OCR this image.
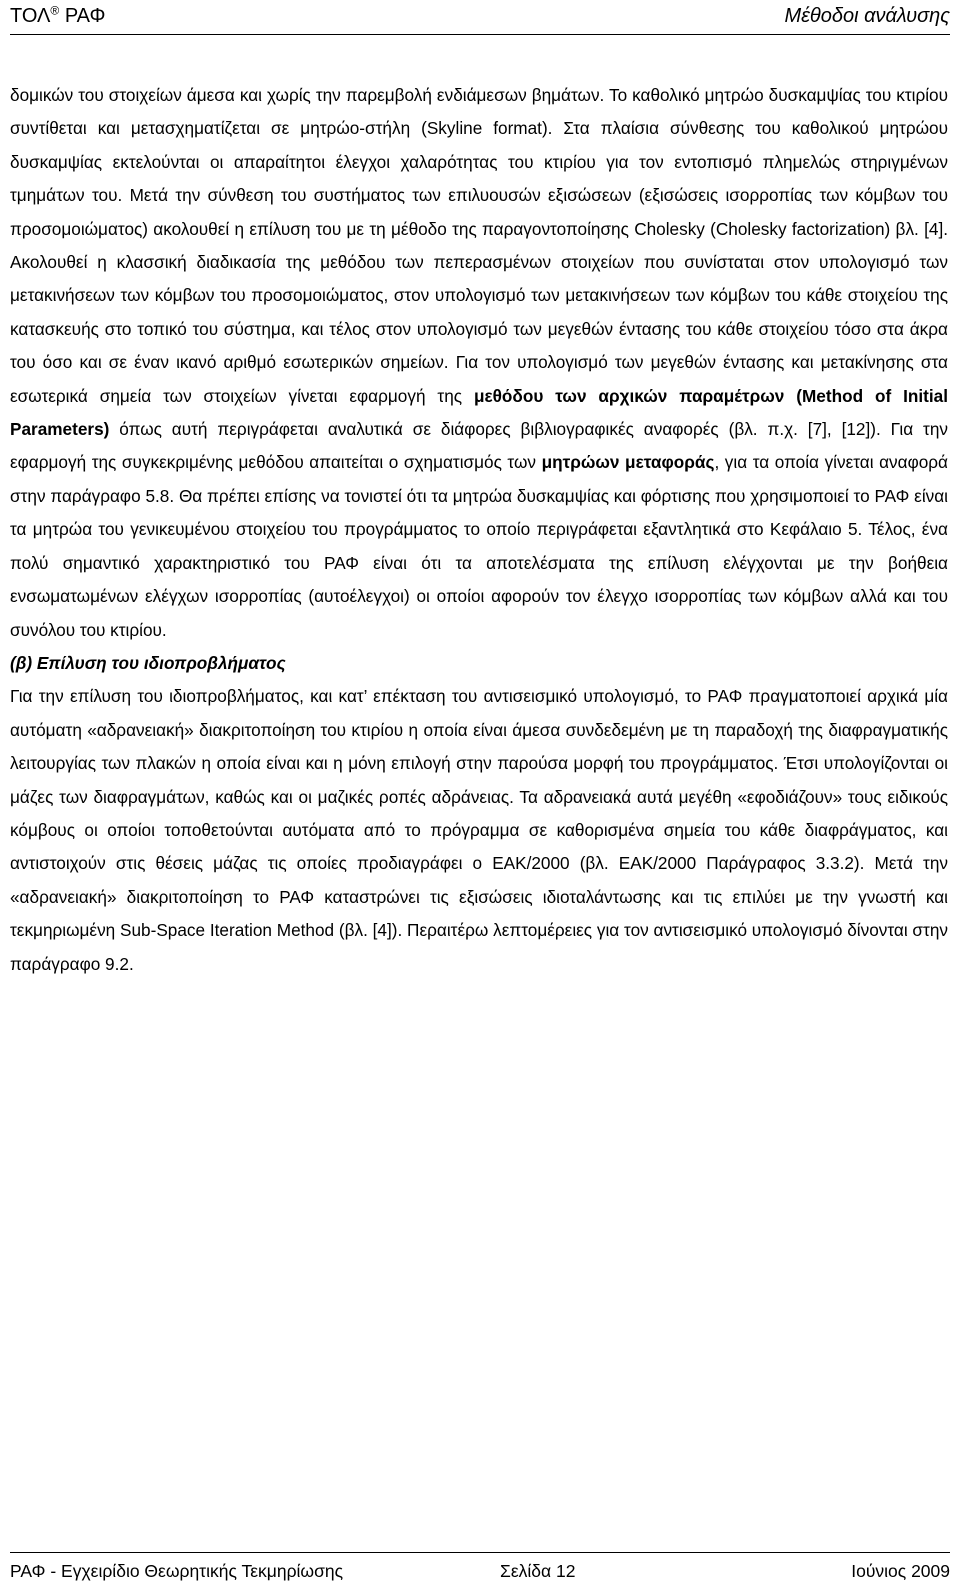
ΤΟΛ® ΡΑΦ	Μέθοδοι ανάλυσης

δομικών του στοιχείων άμεσα και χωρίς την παρεμβολή ενδιάμεσων βημάτων. Το καθολικό μητρώο δυσκαμψίας του κτιρίου συντίθεται και μετασχηματίζεται σε μητρώο-στήλη (Skyline format). Στα πλαίσια σύνθεσης του καθολικού μητρώου δυσκαμψίας εκτελούνται οι απαραίτητοι έλεγχοι χαλαρότητας του κτιρίου για τον εντοπισμό πλημελώς στηριγμένων τμημάτων του. Μετά την σύνθεση του συστήματος των επιλυουσών εξισώσεων (εξισώσεις ισορροπίας των κόμβων του προσομοιώματος) ακολουθεί η επίλυση του με τη μέθοδο της παραγοντοποίησης Cholesky (Cholesky factorization) βλ. [4]. Ακολουθεί η κλασσική διαδικασία της μεθόδου των πεπερασμένων στοιχείων που συνίσταται στον υπολογισμό των μετακινήσεων των κόμβων του προσομοιώματος, στον υπολογισμό των μετακινήσεων των κόμβων του κάθε στοιχείου της κατασκευής στο τοπικό του σύστημα, και τέλος στον υπολογισμό των μεγεθών έντασης του κάθε στοιχείου τόσο στα άκρα του όσο και σε έναν ικανό αριθμό εσωτερικών σημείων. Για τον υπολογισμό των μεγεθών έντασης και μετακίνησης στα εσωτερικά σημεία των στοιχείων γίνεται εφαρμογή της μεθόδου των αρχικών παραμέτρων (Method of Initial Parameters) όπως αυτή περιγράφεται αναλυτικά σε διάφορες βιβλιογραφικές αναφορές (βλ. π.χ. [7], [12]). Για την εφαρμογή της συγκεκριμένης μεθόδου απαιτείται ο σχηματισμός των μητρώων μεταφοράς, για τα οποία γίνεται αναφορά στην παράγραφο 5.8. Θα πρέπει επίσης να τονιστεί ότι τα μητρώα δυσκαμψίας και φόρτισης που χρησιμοποιεί το ΡΑΦ είναι τα μητρώα του γενικευμένου στοιχείου του προγράμματος το οποίο περιγράφεται εξαντλητικά στο Κεφάλαιο 5. Τέλος, ένα πολύ σημαντικό χαρακτηριστικό του ΡΑΦ είναι ότι τα αποτελέσματα της επίλυση ελέγχονται με την βοήθεια ενσωματωμένων ελέγχων ισορροπίας (αυτοέλεγχοι) οι οποίοι αφορούν τον έλεγχο ισορροπίας των κόμβων αλλά και του συνόλου του κτιρίου.

(β) Επίλυση του ιδιοπροβλήματος

Για την επίλυση του ιδιοπροβλήματος, και κατ’ επέκταση του αντισεισμικό υπολογισμό, το ΡΑΦ πραγματοποιεί αρχικά μία αυτόματη «αδρανειακή» διακριτοποίηση του κτιρίου η οποία είναι άμεσα συνδεδεμένη με τη παραδοχή της διαφραγματικής λειτουργίας των πλακών η οποία είναι και η μόνη επιλογή στην παρούσα μορφή του προγράμματος. Έτσι υπολογίζονται οι μάζες των διαφραγμάτων, καθώς και οι μαζικές ροπές αδράνειας. Τα αδρανειακά αυτά μεγέθη «εφοδιάζουν» τους ειδικούς κόμβους οι οποίοι τοποθετούνται αυτόματα από το πρόγραμμα σε καθορισμένα σημεία του κάθε διαφράγματος, και αντιστοιχούν στις θέσεις μάζας τις οποίες προδιαγράφει ο ΕΑΚ/2000 (βλ. ΕΑΚ/2000 Παράγραφος 3.3.2). Μετά την «αδρανειακή» διακριτοποίηση το ΡΑΦ καταστρώνει τις εξισώσεις ιδιοταλάντωσης και τις επιλύει με την γνωστή και τεκμηριωμένη Sub-Space Iteration Method (βλ. [4]). Περαιτέρω λεπτομέρειες για τον αντισεισμικό υπολογισμό δίνονται στην παράγραφο 9.2.

ΡΑΦ - Εγχειρίδιο Θεωρητικής Τεκμηρίωσης	Σελίδα 12	Ιούνιος 2009
